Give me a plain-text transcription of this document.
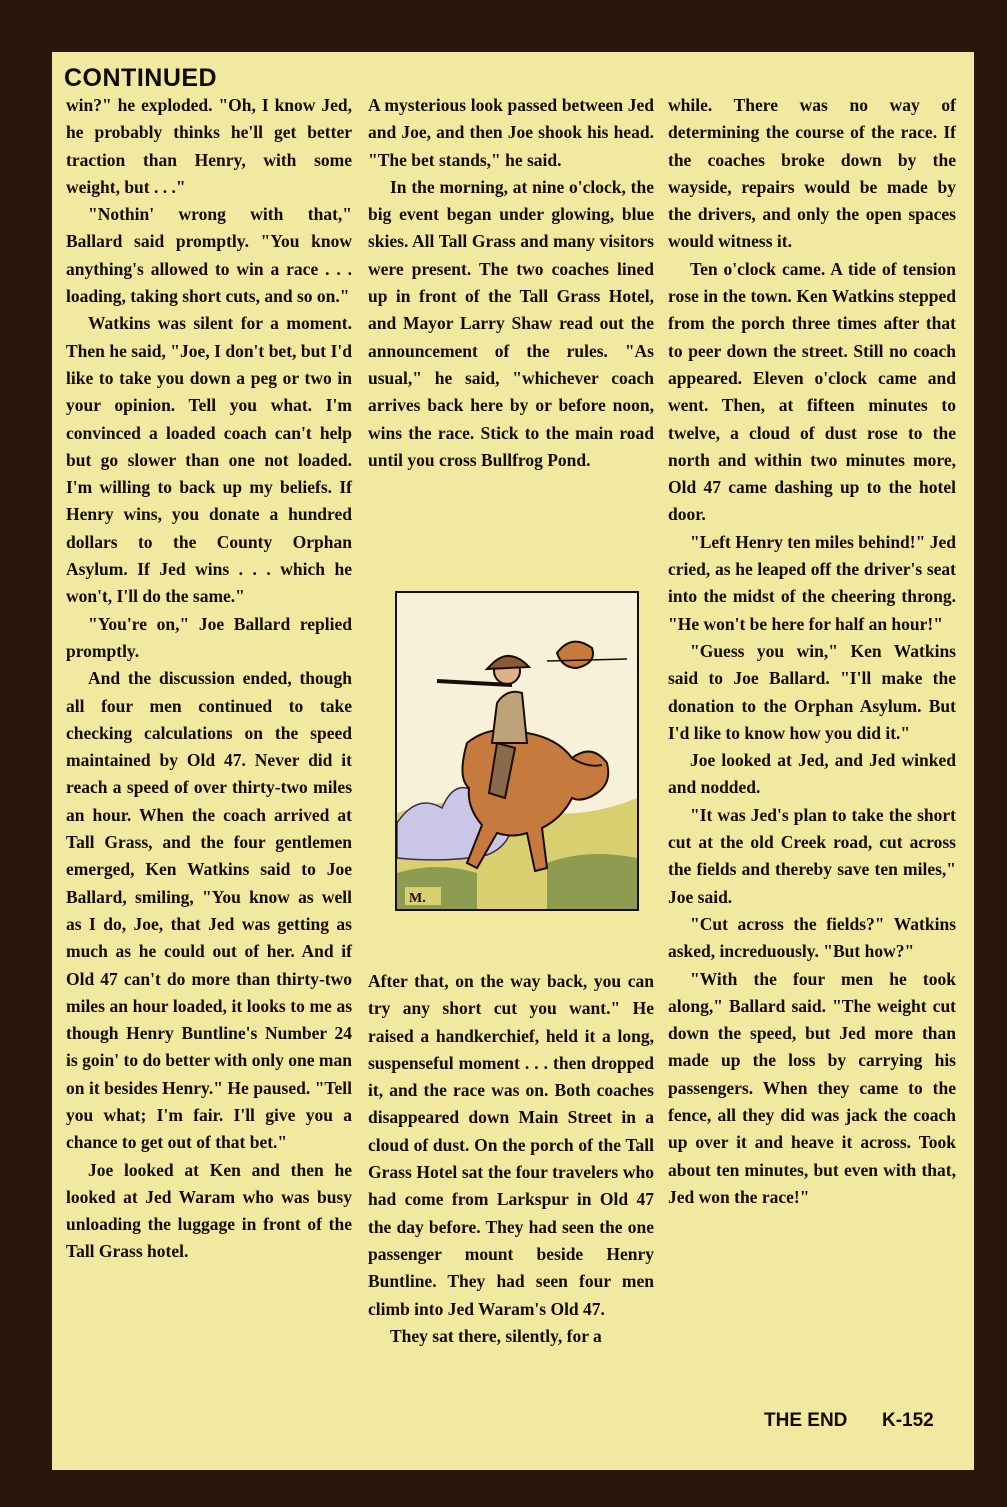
CONTINUED

win?" he exploded. "Oh, I know Jed, he probably thinks he'll get better traction than Henry, with some weight, but . . ."

"Nothin' wrong with that," Ballard said promptly. "You know anything's allowed to win a race . . . loading, taking short cuts, and so on."

Watkins was silent for a moment. Then he said, "Joe, I don't bet, but I'd like to take you down a peg or two in your opinion. Tell you what. I'm convinced a loaded coach can't help but go slower than one not loaded. I'm willing to back up my beliefs. If Henry wins, you donate a hundred dollars to the County Orphan Asylum. If Jed wins . . . which he won't, I'll do the same."

"You're on," Joe Ballard replied promptly.

And the discussion ended, though all four men continued to take checking calculations on the speed maintained by Old 47. Never did it reach a speed of over thirty-two miles an hour. When the coach arrived at Tall Grass, and the four gentlemen emerged, Ken Watkins said to Joe Ballard, smiling, "You know as well as I do, Joe, that Jed was getting as much as he could out of her. And if Old 47 can't do more than thirty-two miles an hour loaded, it looks to me as though Henry Buntline's Number 24 is goin' to do better with only one man on it besides Henry." He paused. "Tell you what; I'm fair. I'll give you a chance to get out of that bet."

Joe looked at Ken and then he looked at Jed Waram who was busy unloading the luggage in front of the Tall Grass hotel.

A mysterious look passed between Jed and Joe, and then Joe shook his head. "The bet stands," he said.

In the morning, at nine o'clock, the big event began under glowing, blue skies. All Tall Grass and many visitors were present. The two coaches lined up in front of the Tall Grass Hotel, and Mayor Larry Shaw read out the announcement of the rules. "As usual," he said, "whichever coach arrives back here by or before noon, wins the race. Stick to the main road until you cross Bullfrog Pond.

M.

After that, on the way back, you can try any short cut you want." He raised a handkerchief, held it a long, suspenseful moment . . . then dropped it, and the race was on. Both coaches disappeared down Main Street in a cloud of dust. On the porch of the Tall Grass Hotel sat the four travelers who had come from Larkspur in Old 47 the day before. They had seen the one passenger mount beside Henry Buntline. They had seen four men climb into Jed Waram's Old 47.

They sat there, silently, for a

while. There was no way of determining the course of the race. If the coaches broke down by the wayside, repairs would be made by the drivers, and only the open spaces would witness it.

Ten o'clock came. A tide of tension rose in the town. Ken Watkins stepped from the porch three times after that to peer down the street. Still no coach appeared. Eleven o'clock came and went. Then, at fifteen minutes to twelve, a cloud of dust rose to the north and within two minutes more, Old 47 came dashing up to the hotel door.

"Left Henry ten miles behind!" Jed cried, as he leaped off the driver's seat into the midst of the cheering throng. "He won't be here for half an hour!"

"Guess you win," Ken Watkins said to Joe Ballard. "I'll make the donation to the Orphan Asylum. But I'd like to know how you did it."

Joe looked at Jed, and Jed winked and nodded.

"It was Jed's plan to take the short cut at the old Creek road, cut across the fields and thereby save ten miles," Joe said.

"Cut across the fields?" Watkins asked, increduously. "But how?"

"With the four men he took along," Ballard said. "The weight cut down the speed, but Jed more than made up the loss by carrying his passengers. When they came to the fence, all they did was jack the coach up over it and heave it across. Took about ten minutes, but even with that, Jed won the race!"

THE END K-152
